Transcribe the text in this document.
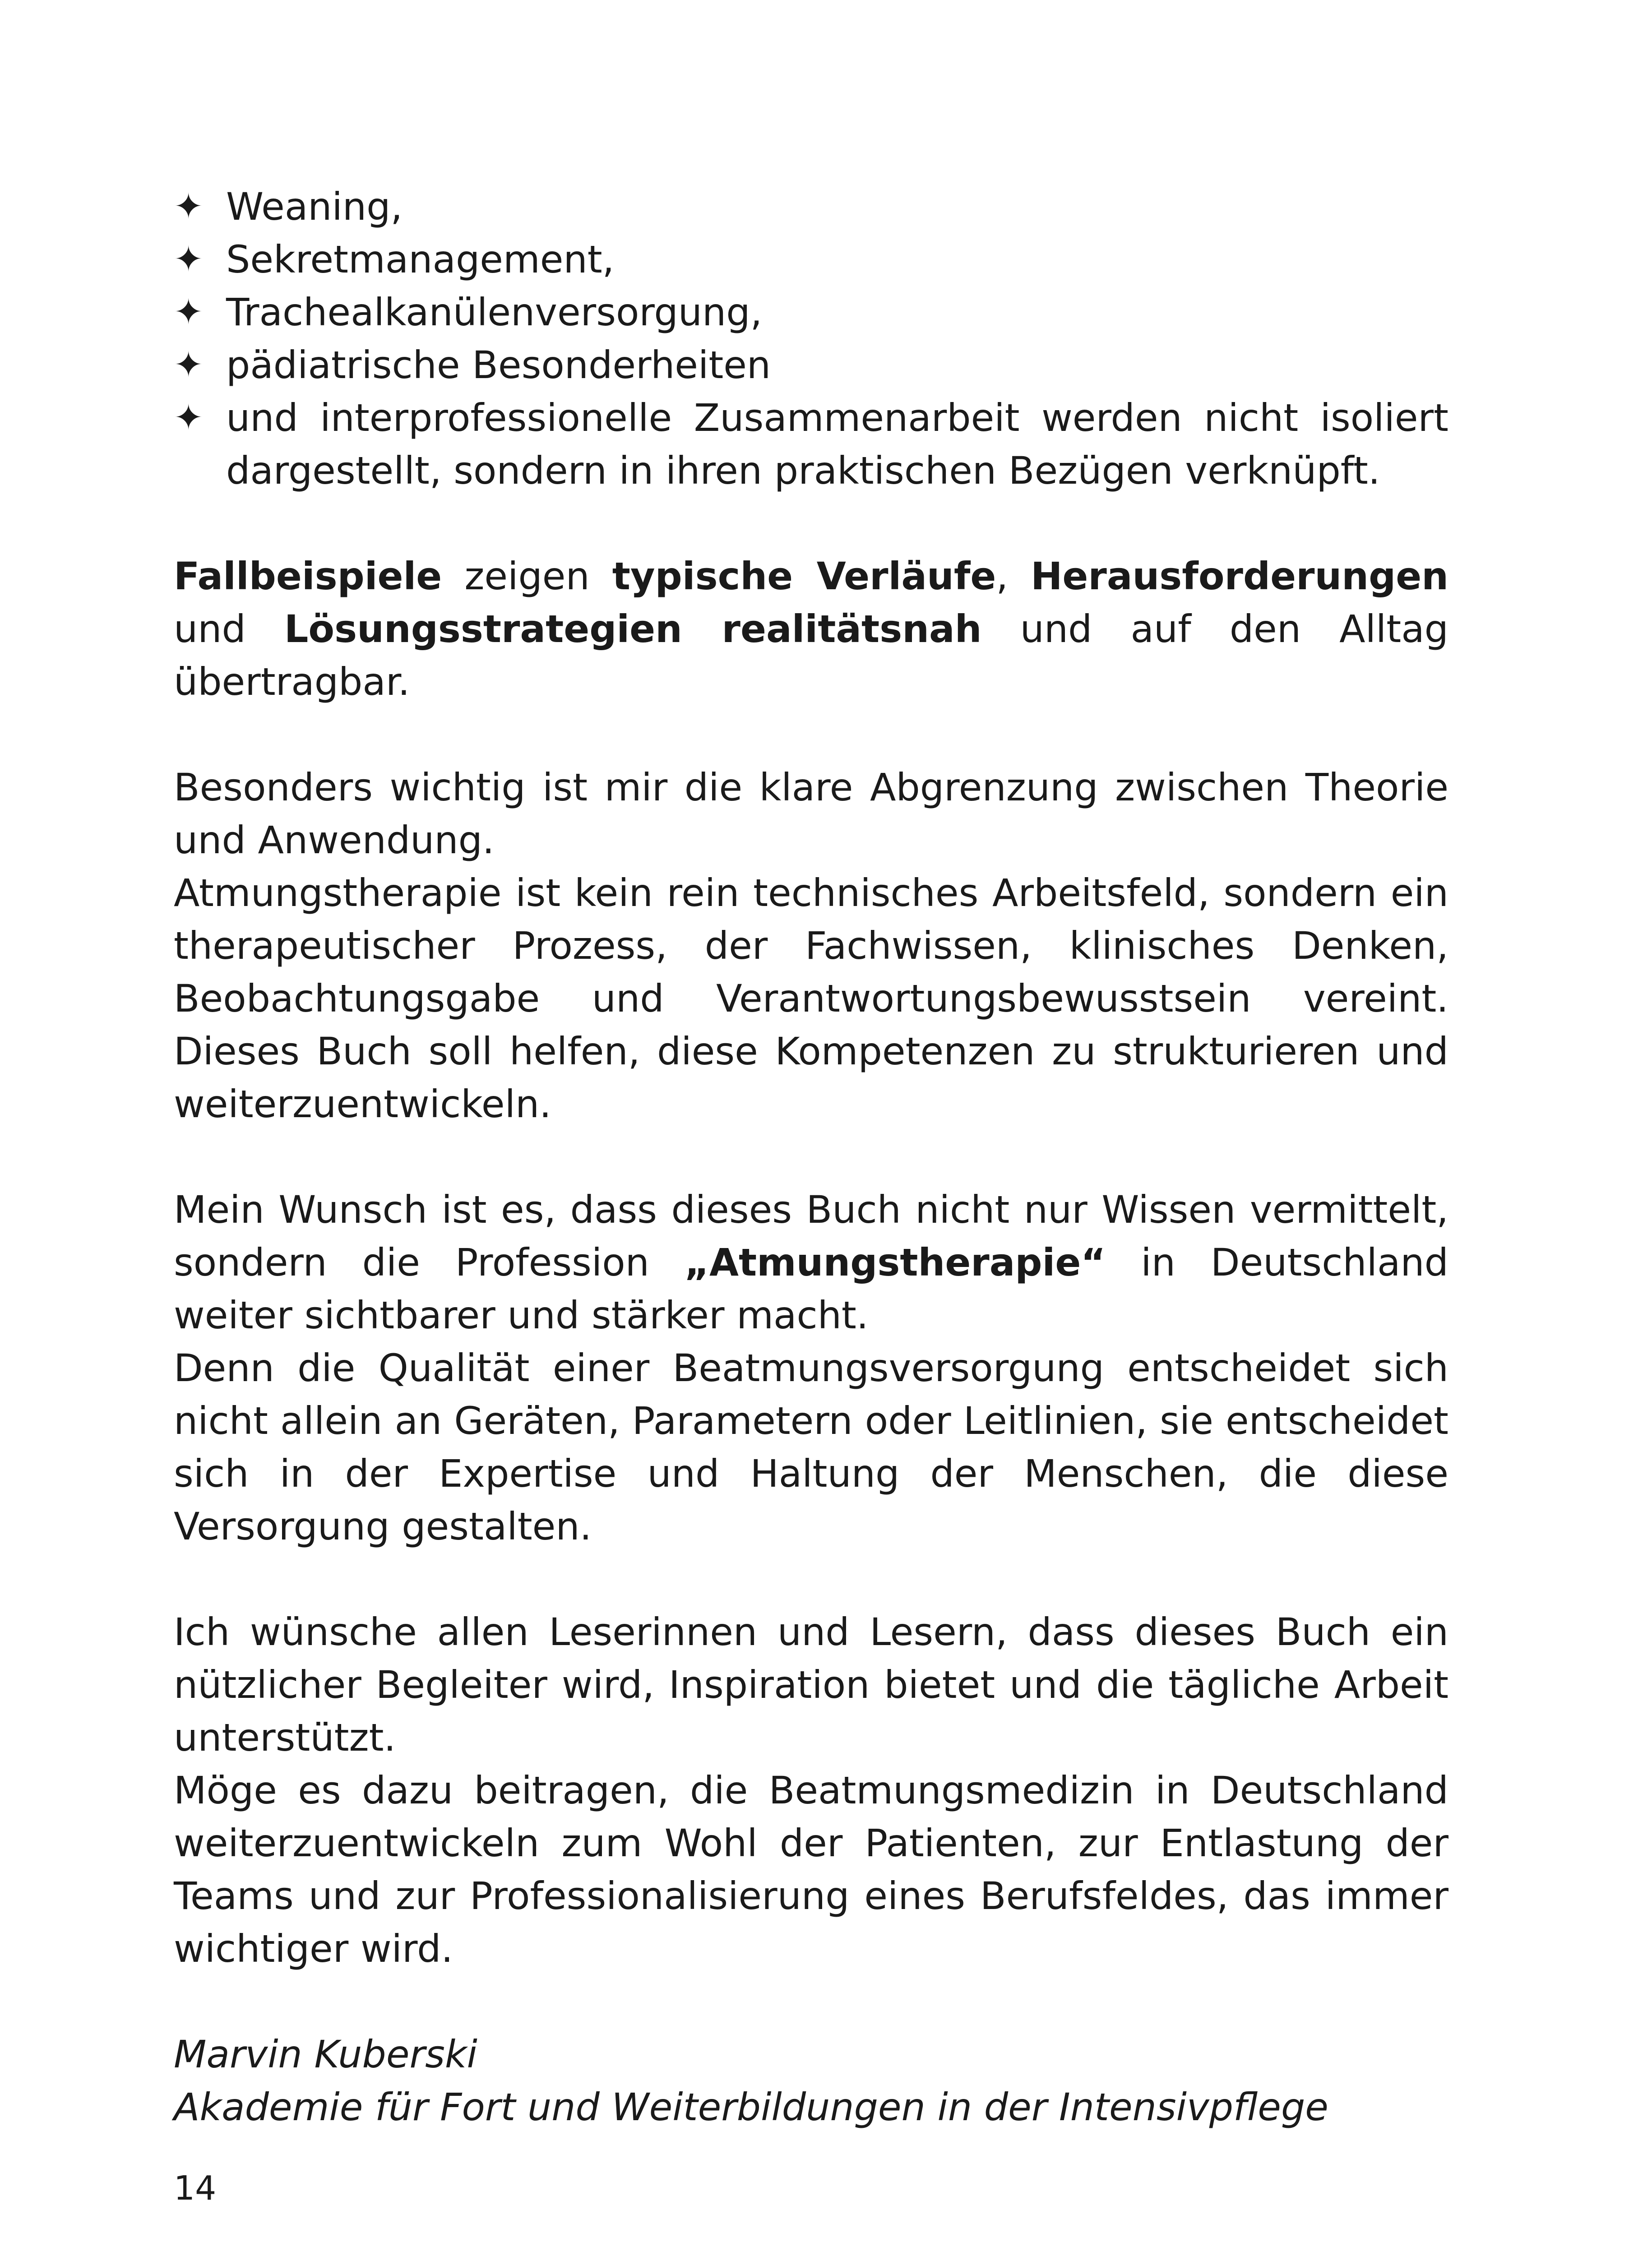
✦ Weaning,
✦ Sekretmanagement,
✦ Trachealkanülenversorgung,
✦ pädiatrische Besonderheiten
✦ und interprofessionelle Zusammenarbeit werden nicht isoliert dargestellt, sondern in ihren praktischen Bezügen verknüpft.

Fallbeispiele zeigen typische Verläufe, Herausforderungen und Lösungsstrategien realitätsnah und auf den Alltag übertragbar.

Besonders wichtig ist mir die klare Abgrenzung zwischen Theorie und Anwendung.

Atmungstherapie ist kein rein technisches Arbeitsfeld, sondern ein therapeutischer Prozess, der Fachwissen, klinisches Denken, Beobachtungsgabe und Verantwortungsbewusstsein vereint. Dieses Buch soll helfen, diese Kompetenzen zu strukturieren und weiterzuentwickeln.

Mein Wunsch ist es, dass dieses Buch nicht nur Wissen vermittelt, sondern die Profession „Atmungstherapie“ in Deutschland weiter sichtbarer und stärker macht.

Denn die Qualität einer Beatmungsversorgung entscheidet sich nicht allein an Geräten, Parametern oder Leitlinien, sie entscheidet sich in der Expertise und Haltung der Menschen, die diese Versorgung gestalten.

Ich wünsche allen Leserinnen und Lesern, dass dieses Buch ein nützlicher Begleiter wird, Inspiration bietet und die tägliche Arbeit unterstützt.

Möge es dazu beitragen, die Beatmungsmedizin in Deutschland weiterzuentwickeln zum Wohl der Patienten, zur Entlastung der Teams und zur Professionalisierung eines Berufsfeldes, das immer wichtiger wird.

Marvin Kuberski
Akademie für Fort und Weiterbildungen in der Intensivpflege
14
